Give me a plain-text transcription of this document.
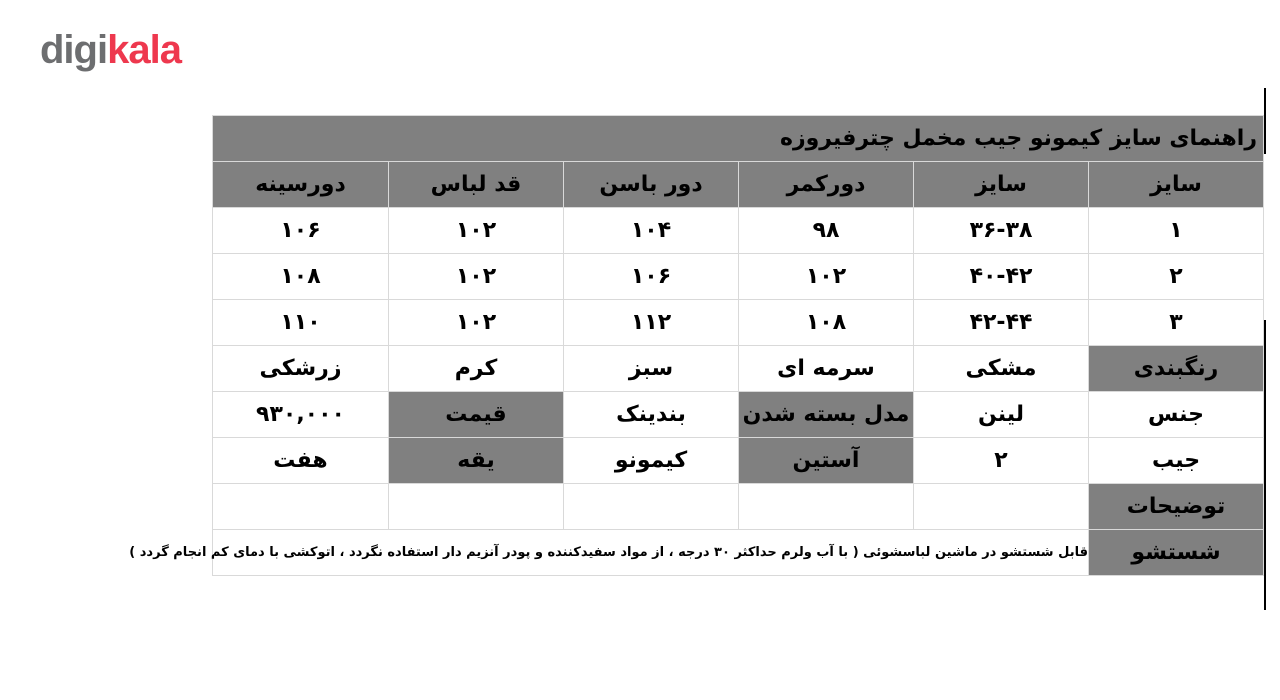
digikala
راهنمای سایز کیمونو جیب مخمل چترفیروزه					
سایز	سایز	دورکمر	دور باسن	قد لباس	دورسینه
۱	۳۶-۳۸	۹۸	۱۰۴	۱۰۲	۱۰۶
۲	۴۰-۴۲	۱۰۲	۱۰۶	۱۰۲	۱۰۸
۳	۴۲-۴۴	۱۰۸	۱۱۲	۱۰۲	۱۱۰
رنگبندی	مشکی	سرمه ای	سبز	کرم	زرشکی
جنس	لینن	مدل بسته شدن	بندینک	قیمت	۹۳۰,۰۰۰
جیب	۲	آستین	کیمونو	یقه	هفت
توضیحات					
شستشو	قابل شستشو در ماشین لباسشوئی ( با آب ولرم حداکثر ۳۰ درجه ، از مواد سفیدکننده و پودر آنزیم دار استفاده نگردد ، اتوکشی با دمای کم انجام گردد )				
